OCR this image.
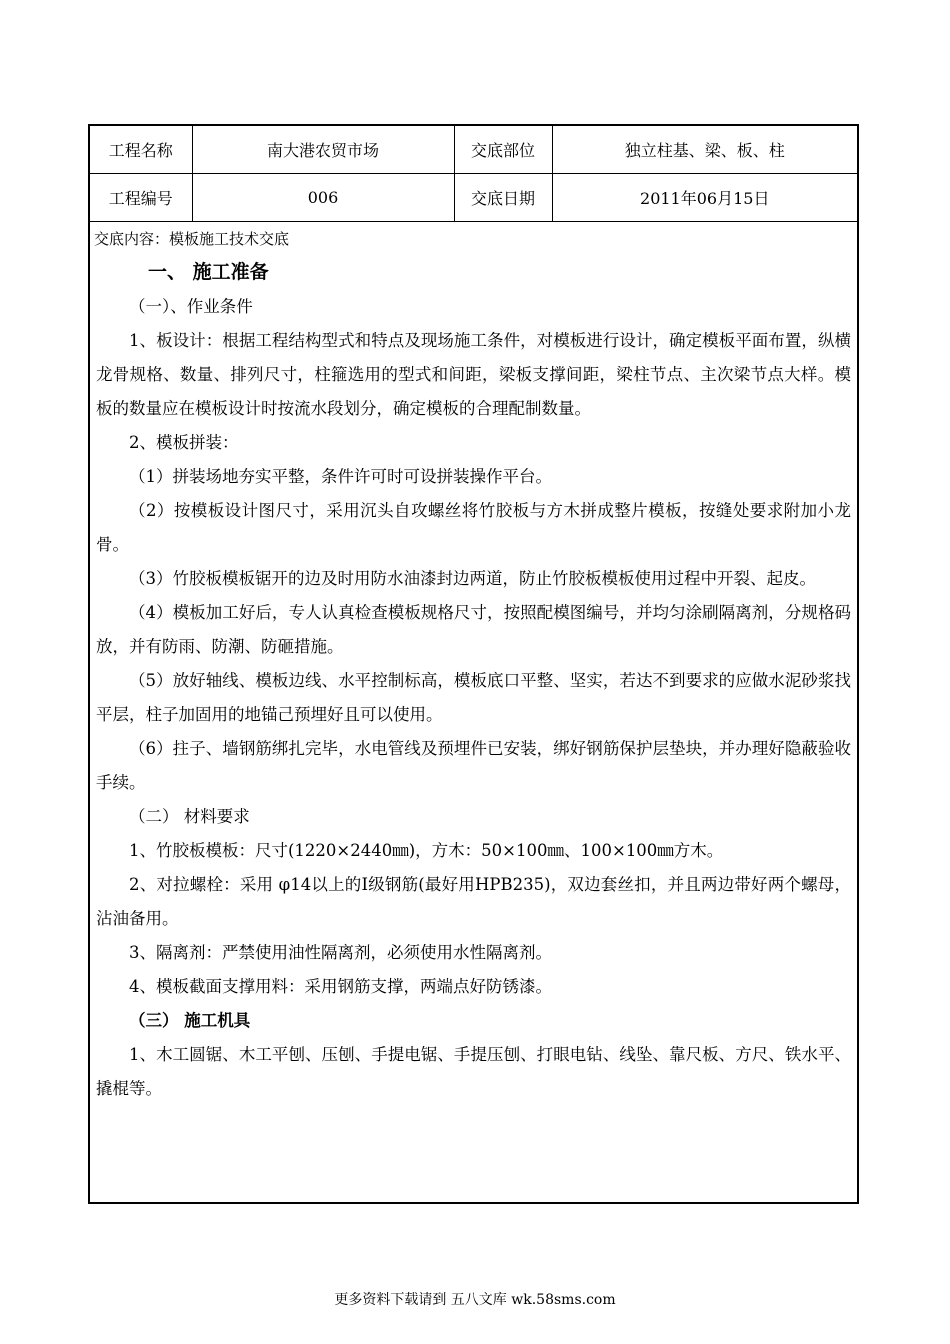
工程名称	南大港农贸市场	交底部位	独立柱基、梁、板、柱
工程编号	006	交底日期	2011年06月15日
交底内容：模板施工技术交底

一、 施工准备

（一）、作业条件

1、板设计：根据工程结构型式和特点及现场施工条件，对模板进行设计，确定模板平面布置，纵横龙骨规格、数量、排列尺寸，柱箍选用的型式和间距，梁板支撑间距，梁柱节点、主次梁节点大样。模板的数量应在模板设计时按流水段划分，确定模板的合理配制数量。

2、模板拼装：

（1）拼装场地夯实平整，条件许可时可设拼装操作平台。

（2）按模板设计图尺寸，采用沉头自攻螺丝将竹胶板与方木拼成整片模板，按缝处要求附加小龙骨。

（3）竹胶板模板锯开的边及时用防水油漆封边两道，防止竹胶板模板使用过程中开裂、起皮。

（4）模板加工好后，专人认真检查模板规格尺寸，按照配模图编号，并均匀涂刷隔离剂，分规格码放，并有防雨、防潮、防砸措施。

（5）放好轴线、模板边线、水平控制标高，模板底口平整、坚实，若达不到要求的应做水泥砂浆找平层，柱子加固用的地锚己预埋好且可以使用。

（6）拄子、墙钢筋绑扎完毕，水电管线及预埋件已安装，绑好钢筋保护层垫块，并办理好隐蔽验收手续。

（二） 材料要求

1、竹胶板模板：尺寸(1220×2440㎜)，方木：50×100㎜、100×100㎜方木。

2、对拉螺栓：采用 φ14以上的Ⅰ级钢筋(最好用HPB235)，双边套丝扣，并且两边带好两个螺母，沾油备用。

3、隔离剂：严禁使用油性隔离剂，必须使用水性隔离剂。

4、模板截面支撑用料：采用钢筋支撑，两端点好防锈漆。

（三） 施工机具

1、木工圆锯、木工平刨、压刨、手提电锯、手提压刨、打眼电钻、线坠、靠尺板、方尺、铁水平、撬棍等。

更多资料下载请到 五八文库 wk.58sms.com
